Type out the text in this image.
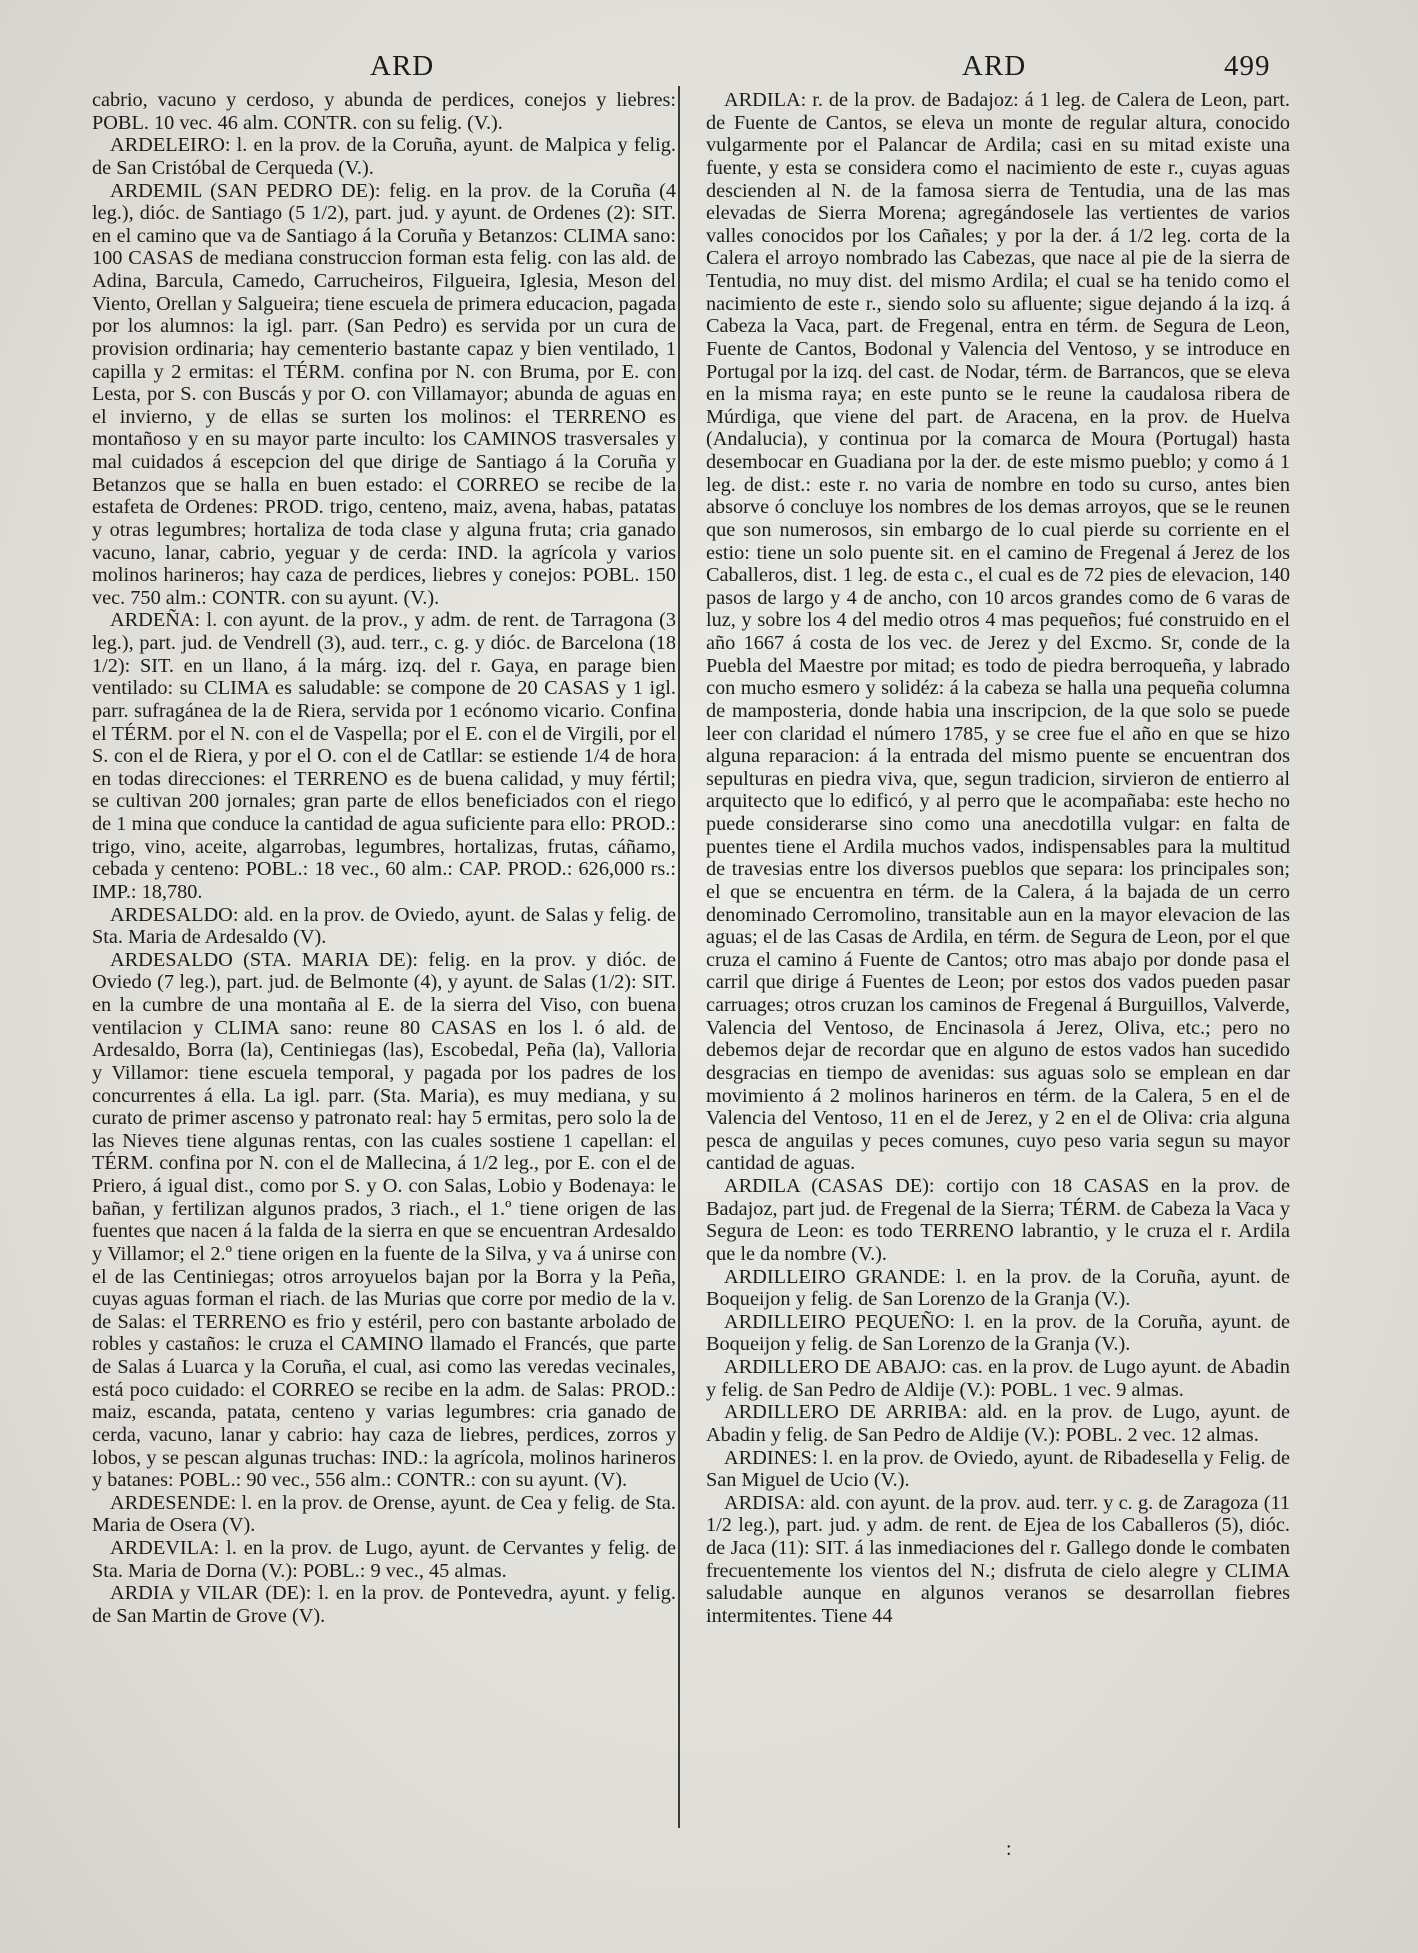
ARD	ARD	499

cabrio, vacuno y cerdoso, y abunda de perdices, conejos y liebres: POBL. 10 vec. 46 alm. CONTR. con su felig. (V.).

ARDELEIRO: l. en la prov. de la Coruña, ayunt. de Malpica y felig. de San Cristóbal de Cerqueda (V.).

ARDEMIL (SAN PEDRO DE): felig. en la prov. de la Coruña (4 leg.), dióc. de Santiago (5 1/2), part. jud. y ayunt. de Ordenes (2): SIT. en el camino que va de Santiago á la Coruña y Betanzos: CLIMA sano: 100 CASAS de mediana construccion forman esta felig. con las ald. de Adina, Barcula, Camedo, Carrucheiros, Filgueira, Iglesia, Meson del Viento, Orellan y Salgueira; tiene escuela de primera educacion, pagada por los alumnos: la igl. parr. (San Pedro) es servida por un cura de provision ordinaria; hay cementerio bastante capaz y bien ventilado, 1 capilla y 2 ermitas: el TÉRM. confina por N. con Bruma, por E. con Lesta, por S. con Buscás y por O. con Villamayor; abunda de aguas en el invierno, y de ellas se surten los molinos: el TERRENO es montañoso y en su mayor parte inculto: los CAMINOS trasversales y mal cuidados á escepcion del que dirige de Santiago á la Coruña y Betanzos que se halla en buen estado: el CORREO se recibe de la estafeta de Ordenes: PROD. trigo, centeno, maiz, avena, habas, patatas y otras legumbres; hortaliza de toda clase y alguna fruta; cria ganado vacuno, lanar, cabrio, yeguar y de cerda: IND. la agrícola y varios molinos harineros; hay caza de perdices, liebres y conejos: POBL. 150 vec. 750 alm.: CONTR. con su ayunt. (V.).

ARDEÑA: l. con ayunt. de la prov., y adm. de rent. de Tarragona (3 leg.), part. jud. de Vendrell (3), aud. terr., c. g. y dióc. de Barcelona (18 1/2): SIT. en un llano, á la márg. izq. del r. Gaya, en parage bien ventilado: su CLIMA es saludable: se compone de 20 CASAS y 1 igl. parr. sufragánea de la de Riera, servida por 1 ecónomo vicario. Confina el TÉRM. por el N. con el de Vaspella; por el E. con el de Virgili, por el S. con el de Riera, y por el O. con el de Catllar: se estiende 1/4 de hora en todas direcciones: el TERRENO es de buena calidad, y muy fértil; se cultivan 200 jornales; gran parte de ellos beneficiados con el riego de 1 mina que conduce la cantidad de agua suficiente para ello: PROD.: trigo, vino, aceite, algarrobas, legumbres, hortalizas, frutas, cáñamo, cebada y centeno: POBL.: 18 vec., 60 alm.: CAP. PROD.: 626,000 rs.: IMP.: 18,780.

ARDESALDO: ald. en la prov. de Oviedo, ayunt. de Salas y felig. de Sta. Maria de Ardesaldo (V).

ARDESALDO (STA. MARIA DE): felig. en la prov. y dióc. de Oviedo (7 leg.), part. jud. de Belmonte (4), y ayunt. de Salas (1/2): SIT. en la cumbre de una montaña al E. de la sierra del Viso, con buena ventilacion y CLIMA sano: reune 80 CASAS en los l. ó ald. de Ardesaldo, Borra (la), Centiniegas (las), Escobedal, Peña (la), Valloria y Villamor: tiene escuela temporal, y pagada por los padres de los concurrentes á ella. La igl. parr. (Sta. Maria), es muy mediana, y su curato de primer ascenso y patronato real: hay 5 ermitas, pero solo la de las Nieves tiene algunas rentas, con las cuales sostiene 1 capellan: el TÉRM. confina por N. con el de Mallecina, á 1/2 leg., por E. con el de Priero, á igual dist., como por S. y O. con Salas, Lobio y Bodenaya: le bañan, y fertilizan algunos prados, 3 riach., el 1.º tiene origen de las fuentes que nacen á la falda de la sierra en que se encuentran Ardesaldo y Villamor; el 2.º tiene origen en la fuente de la Silva, y va á unirse con el de las Centiniegas; otros arroyuelos bajan por la Borra y la Peña, cuyas aguas forman el riach. de las Murias que corre por medio de la v. de Salas: el TERRENO es frio y estéril, pero con bastante arbolado de robles y castaños: le cruza el CAMINO llamado el Francés, que parte de Salas á Luarca y la Coruña, el cual, asi como las veredas vecinales, está poco cuidado: el CORREO se recibe en la adm. de Salas: PROD.: maiz, escanda, patata, centeno y varias legumbres: cria ganado de cerda, vacuno, lanar y cabrio: hay caza de liebres, perdices, zorros y lobos, y se pescan algunas truchas: IND.: la agrícola, molinos harineros y batanes: POBL.: 90 vec., 556 alm.: CONTR.: con su ayunt. (V).

ARDESENDE: l. en la prov. de Orense, ayunt. de Cea y felig. de Sta. Maria de Osera (V).

ARDEVILA: l. en la prov. de Lugo, ayunt. de Cervantes y felig. de Sta. Maria de Dorna (V.): POBL.: 9 vec., 45 almas.

ARDIA y VILAR (DE): l. en la prov. de Pontevedra, ayunt. y felig. de San Martin de Grove (V).

ARDILA: r. de la prov. de Badajoz: á 1 leg. de Calera de Leon, part. de Fuente de Cantos, se eleva un monte de regular altura, conocido vulgarmente por el Palancar de Ardila; casi en su mitad existe una fuente, y esta se considera como el nacimiento de este r., cuyas aguas descienden al N. de la famosa sierra de Tentudia, una de las mas elevadas de Sierra Morena; agregándosele las vertientes de varios valles conocidos por los Cañales; y por la der. á 1/2 leg. corta de la Calera el arroyo nombrado las Cabezas, que nace al pie de la sierra de Tentudia, no muy dist. del mismo Ardila; el cual se ha tenido como el nacimiento de este r., siendo solo su afluente; sigue dejando á la izq. á Cabeza la Vaca, part. de Fregenal, entra en térm. de Segura de Leon, Fuente de Cantos, Bodonal y Valencia del Ventoso, y se introduce en Portugal por la izq. del cast. de Nodar, térm. de Barrancos, que se eleva en la misma raya; en este punto se le reune la caudalosa ribera de Múrdiga, que viene del part. de Aracena, en la prov. de Huelva (Andalucia), y continua por la comarca de Moura (Portugal) hasta desembocar en Guadiana por la der. de este mismo pueblo; y como á 1 leg. de dist.: este r. no varia de nombre en todo su curso, antes bien absorve ó concluye los nombres de los demas arroyos, que se le reunen que son numerosos, sin embargo de lo cual pierde su corriente en el estio: tiene un solo puente sit. en el camino de Fregenal á Jerez de los Caballeros, dist. 1 leg. de esta c., el cual es de 72 pies de elevacion, 140 pasos de largo y 4 de ancho, con 10 arcos grandes como de 6 varas de luz, y sobre los 4 del medio otros 4 mas pequeños; fué construido en el año 1667 á costa de los vec. de Jerez y del Excmo. Sr, conde de la Puebla del Maestre por mitad; es todo de piedra berroqueña, y labrado con mucho esmero y solidéz: á la cabeza se halla una pequeña columna de mamposteria, donde habia una inscripcion, de la que solo se puede leer con claridad el número 1785, y se cree fue el año en que se hizo alguna reparacion: á la entrada del mismo puente se encuentran dos sepulturas en piedra viva, que, segun tradicion, sirvieron de entierro al arquitecto que lo edificó, y al perro que le acompañaba: este hecho no puede considerarse sino como una anecdotilla vulgar: en falta de puentes tiene el Ardila muchos vados, indispensables para la multitud de travesias entre los diversos pueblos que separa: los principales son; el que se encuentra en térm. de la Calera, á la bajada de un cerro denominado Cerromolino, transitable aun en la mayor elevacion de las aguas; el de las Casas de Ardila, en térm. de Segura de Leon, por el que cruza el camino á Fuente de Cantos; otro mas abajo por donde pasa el carril que dirige á Fuentes de Leon; por estos dos vados pueden pasar carruages; otros cruzan los caminos de Fregenal á Burguillos, Valverde, Valencia del Ventoso, de Encinasola á Jerez, Oliva, etc.; pero no debemos dejar de recordar que en alguno de estos vados han sucedido desgracias en tiempo de avenidas: sus aguas solo se emplean en dar movimiento á 2 molinos harineros en térm. de la Calera, 5 en el de Valencia del Ventoso, 11 en el de Jerez, y 2 en el de Oliva: cria alguna pesca de anguilas y peces comunes, cuyo peso varia segun su mayor cantidad de aguas.

ARDILA (CASAS DE): cortijo con 18 CASAS en la prov. de Badajoz, part jud. de Fregenal de la Sierra; TÉRM. de Cabeza la Vaca y Segura de Leon: es todo TERRENO labrantio, y le cruza el r. Ardila que le da nombre (V.).

ARDILLEIRO GRANDE: l. en la prov. de la Coruña, ayunt. de Boqueijon y felig. de San Lorenzo de la Granja (V.).

ARDILLEIRO PEQUEÑO: l. en la prov. de la Coruña, ayunt. de Boqueijon y felig. de San Lorenzo de la Granja (V.).

ARDILLERO DE ABAJO: cas. en la prov. de Lugo ayunt. de Abadin y felig. de San Pedro de Aldije (V.): POBL. 1 vec. 9 almas.

ARDILLERO DE ARRIBA: ald. en la prov. de Lugo, ayunt. de Abadin y felig. de San Pedro de Aldije (V.): POBL. 2 vec. 12 almas.

ARDINES: l. en la prov. de Oviedo, ayunt. de Ribadesella y Felig. de San Miguel de Ucio (V.).

ARDISA: ald. con ayunt. de la prov. aud. terr. y c. g. de Zaragoza (11 1/2 leg.), part. jud. y adm. de rent. de Ejea de los Caballeros (5), dióc. de Jaca (11): SIT. á las inmediaciones del r. Gallego donde le combaten frecuentemente los vientos del N.; disfruta de cielo alegre y CLIMA saludable aunque en algunos veranos se desarrollan fiebres intermitentes. Tiene 44

:
